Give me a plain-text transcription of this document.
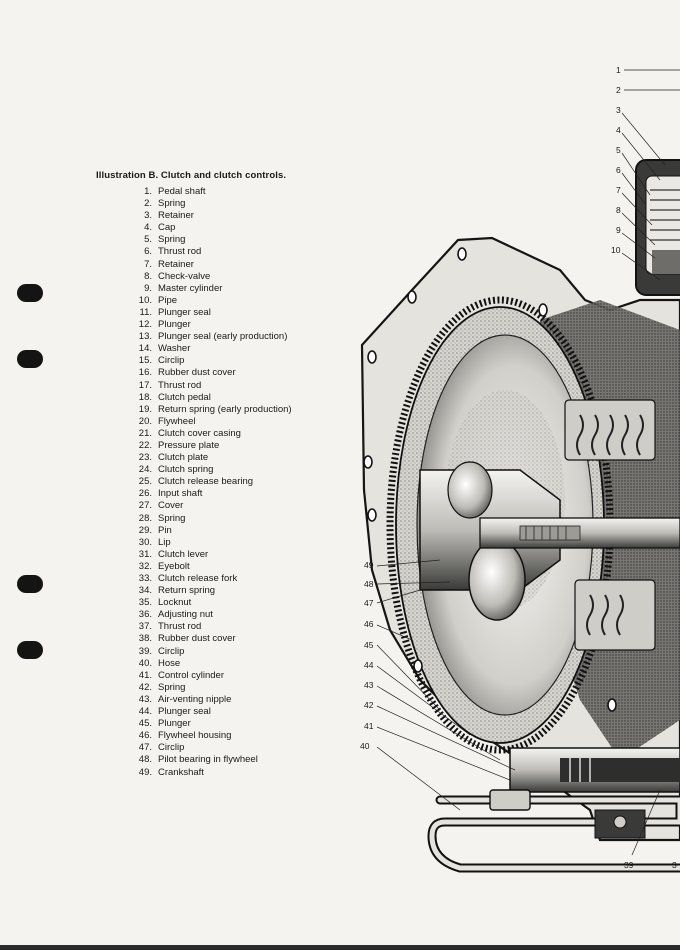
Illustration B. Clutch and clutch controls.
1. Pedal shaft
2. Spring
3. Retainer
4. Cap
5. Spring
6. Thrust rod
7. Retainer
8. Check-valve
9. Master cylinder
10. Pipe
11. Plunger seal
12. Plunger
13. Plunger seal (early production)
14. Washer
15. Circlip
16. Rubber dust cover
17. Thrust rod
18. Clutch pedal
19. Return spring (early production)
20. Flywheel
21. Clutch cover casing
22. Pressure plate
23. Clutch plate
24. Clutch spring
25. Clutch release bearing
26. Input shaft
27. Cover
28. Spring
29. Pin
30. Lip
31. Clutch lever
32. Eyebolt
33. Clutch release fork
34. Return spring
35. Locknut
36. Adjusting nut
37. Thrust rod
38. Rubber dust cover
39. Circlip
40. Hose
41. Control cylinder
42. Spring
43. Air-venting nipple
44. Plunger seal
45. Plunger
46. Flywheel housing
47. Circlip
48. Pilot bearing in flywheel
49. Crankshaft
1
2
3
4
5
6
7
8
9
10
49
48
47
46
45
44
43
42
41
40
39	3
